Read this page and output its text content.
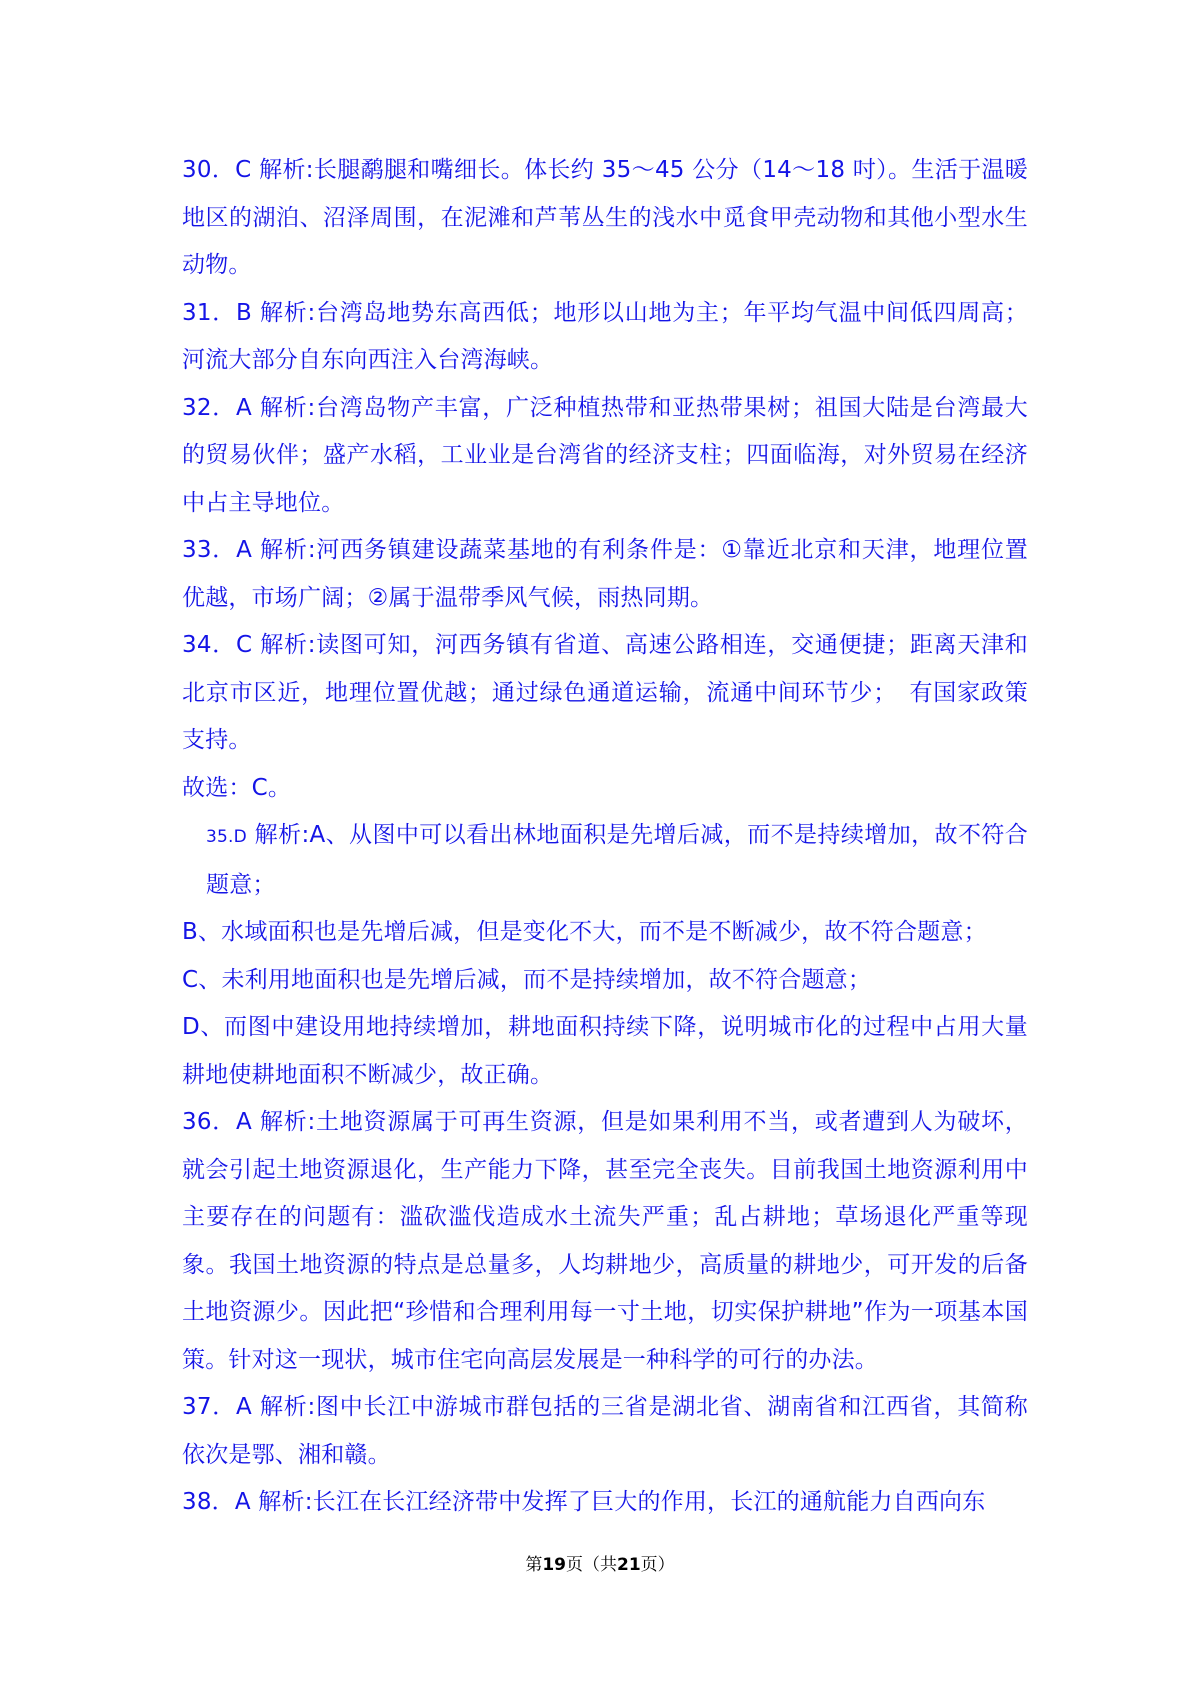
30．C 解析:长腿鹬腿和嘴细长。体长约 35～45 公分（14～18 吋）。生活于温暖地区的湖泊、沼泽周围，在泥滩和芦苇丛生的浅水中觅食甲壳动物和其他小型水生动物。

31．B 解析:台湾岛地势东高西低；地形以山地为主；年平均气温中间低四周高；河流大部分自东向西注入台湾海峡。

32．A 解析:台湾岛物产丰富，广泛种植热带和亚热带果树；祖国大陆是台湾最大的贸易伙伴；盛产水稻，工业业是台湾省的经济支柱；四面临海，对外贸易在经济中占主导地位。

33．A 解析:河西务镇建设蔬菜基地的有利条件是：①靠近北京和天津，地理位置优越，市场广阔；②属于温带季风气候，雨热同期。

34．C 解析:读图可知，河西务镇有省道、高速公路相连，交通便捷；距离天津和北京市区近，地理位置优越；通过绿色通道运输，流通中间环节少；　有国家政策支持。

故选：C。

35.D 解析:A、从图中可以看出林地面积是先增后减，而不是持续增加，故不符合题意；

B、水域面积也是先增后减，但是变化不大，而不是不断减少，故不符合题意；

C、未利用地面积也是先增后减，而不是持续增加，故不符合题意；

D、而图中建设用地持续增加，耕地面积持续下降，说明城市化的过程中占用大量耕地使耕地面积不断减少，故正确。

36．A 解析:土地资源属于可再生资源，但是如果利用不当，或者遭到人为破坏，就会引起土地资源退化，生产能力下降，甚至完全丧失。目前我国土地资源利用中主要存在的问题有：滥砍滥伐造成水土流失严重；乱占耕地；草场退化严重等现象。我国土地资源的特点是总量多，人均耕地少，高质量的耕地少，可开发的后备土地资源少。因此把“珍惜和合理利用每一寸土地，切实保护耕地”作为一项基本国策。针对这一现状，城市住宅向高层发展是一种科学的可行的办法。

37．A 解析:图中长江中游城市群包括的三省是湖北省、湖南省和江西省，其简称依次是鄂、湘和赣。

38．A 解析:长江在长江经济带中发挥了巨大的作用，长江的通航能力自西向东

第19页（共21页）
